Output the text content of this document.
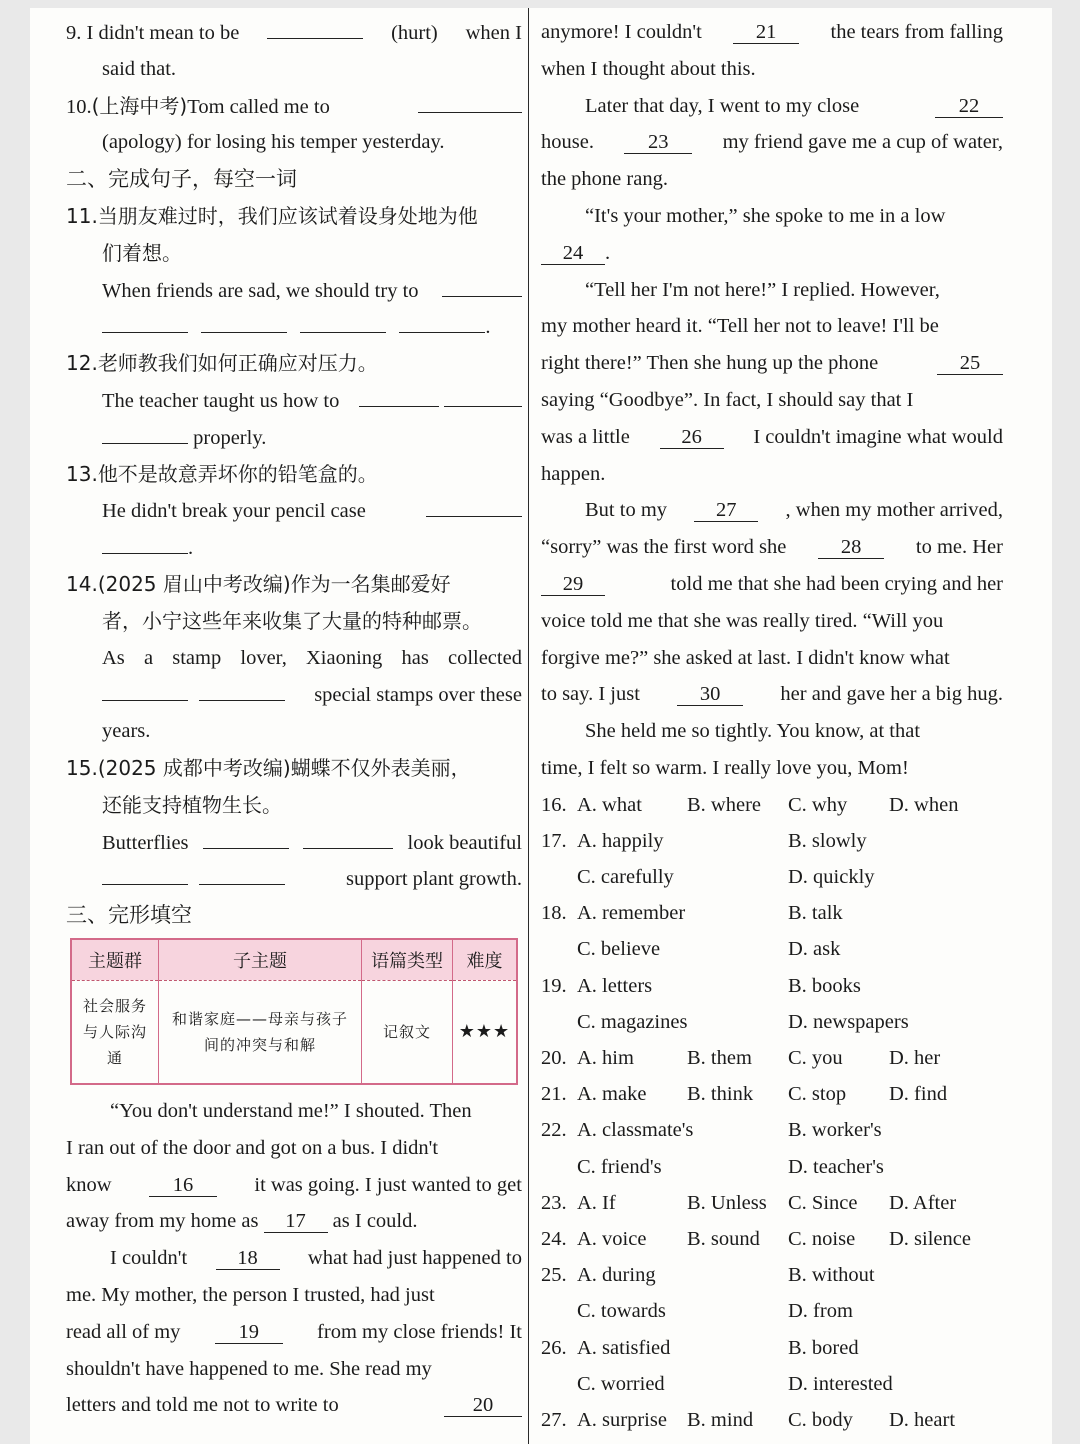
9. I didn't mean to be	(hurt) when I
said that.
10.(上海中考)Tom called me to
(apology) for losing his temper yesterday.
二、完成句子，每空一词
11.当朋友难过时，我们应该试着设身处地为他
们着想。
When friends are sad, we should try to
.
12.老师教我们如何正确应对压力。
The teacher taught us how to

properly.
13.他不是故意弄坏你的铅笔盒的。
He didn't break your pencil case
.
14.(2025 眉山中考改编)作为一名集邮爱好
者，小宁这些年来收集了大量的特种邮票。
As a stamp lover, Xiaoning has collected

special stamps over these
years.
15.(2025 成都中考改编)蝴蝶不仅外表美丽，
还能支持植物生长。
Butterflies	look beautiful

support plant growth.
三、完形填空
主题群	子主题	语篇类型	难度
社会服务与人际沟通	和谐家庭——母亲与孩子间的冲突与和解	记叙文	★★★
“You don't understand me!” I shouted. Then
I ran out of the door and got on a bus. I didn't
know	16	it was going. I just wanted to get
away from my home as 17 as I could.
I couldn't	18	what had just happened to
me. My mother, the person I trusted, had just
read all of my	19	from my close friends! It
shouldn't have happened to me. She read my
letters and told me not to write to	20
anymore! I couldn't	21	the tears from falling
when I thought about this.
Later that day, I went to my close	22
house.	23	my friend gave me a cup of water,
the phone rang.
“It's your mother,” she spoke to me in a low
24 .
“Tell her I'm not here!” I replied. However,
my mother heard it. “Tell her not to leave! I'll be
right there!” Then she hung up the phone	25
saying “Goodbye”. In fact, I should say that I
was a little	26	I couldn't imagine what would
happen.
But to my	27	, when my mother arrived,
“sorry” was the first word she	28	to me. Her
29	told me that she had been crying and her
voice told me that she was really tired. “Will you
forgive me?” she asked at last. I didn't know what
to say. I just	30	her and gave her a big hug.
She held me so tightly. You know, at that
time, I felt so warm. I really love you, Mom!
16. A. what	B. where	C. why	D. when
17. A. happily	B. slowly
C. carefully	D. quickly
18. A. remember	B. talk
C. believe	D. ask
19. A. letters	B. books
C. magazines	D. newspapers
20. A. him	B. them	C. you	D. her
21. A. make	B. think	C. stop	D. find
22. A. classmate's	B. worker's
C. friend's	D. teacher's
23. A. If	B. Unless	C. Since	D. After
24. A. voice	B. sound	C. noise	D. silence
25. A. during	B. without
C. towards	D. from
26. A. satisfied	B. bored
C. worried	D. interested
27. A. surprise B. mind	C. body	D. heart
